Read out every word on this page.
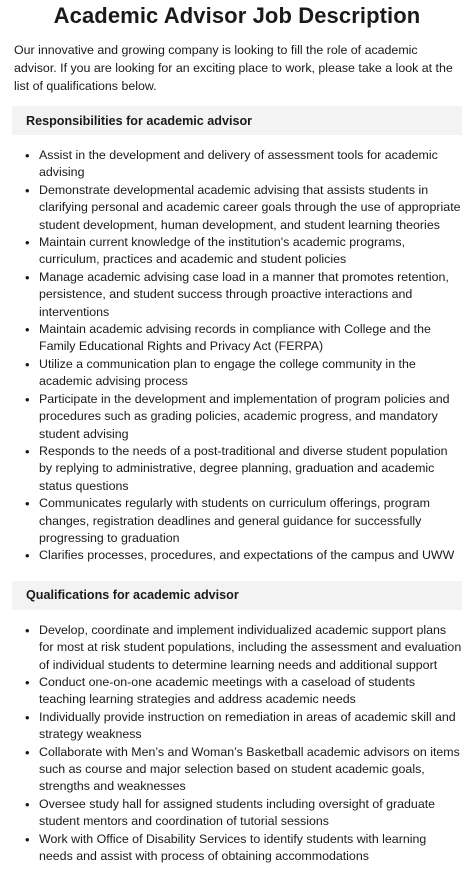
Academic Advisor Job Description

Our innovative and growing company is looking to fill the role of academic advisor. If you are looking for an exciting place to work, please take a look at the list of qualifications below.

Responsibilities for academic advisor
• Assist in the development and delivery of assessment tools for academic advising
• Demonstrate developmental academic advising that assists students in clarifying personal and academic career goals through the use of appropriate student development, human development, and student learning theories
• Maintain current knowledge of the institution's academic programs, curriculum, practices and academic and student policies
• Manage academic advising case load in a manner that promotes retention, persistence, and student success through proactive interactions and interventions
• Maintain academic advising records in compliance with College and the Family Educational Rights and Privacy Act (FERPA)
• Utilize a communication plan to engage the college community in the academic advising process
• Participate in the development and implementation of program policies and procedures such as grading policies, academic progress, and mandatory student advising
• Responds to the needs of a post-traditional and diverse student population by replying to administrative, degree planning, graduation and academic status questions
• Communicates regularly with students on curriculum offerings, program changes, registration deadlines and general guidance for successfully progressing to graduation
• Clarifies processes, procedures, and expectations of the campus and UWW
Qualifications for academic advisor
• Develop, coordinate and implement individualized academic support plans for most at risk student populations, including the assessment and evaluation of individual students to determine learning needs and additional support
• Conduct one-on-one academic meetings with a caseload of students teaching learning strategies and address academic needs
• Individually provide instruction on remediation in areas of academic skill and strategy weakness
• Collaborate with Men’s and Woman’s Basketball academic advisors on items such as course and major selection based on student academic goals, strengths and weaknesses
• Oversee study hall for assigned students including oversight of graduate student mentors and coordination of tutorial sessions
• Work with Office of Disability Services to identify students with learning needs and assist with process of obtaining accommodations
